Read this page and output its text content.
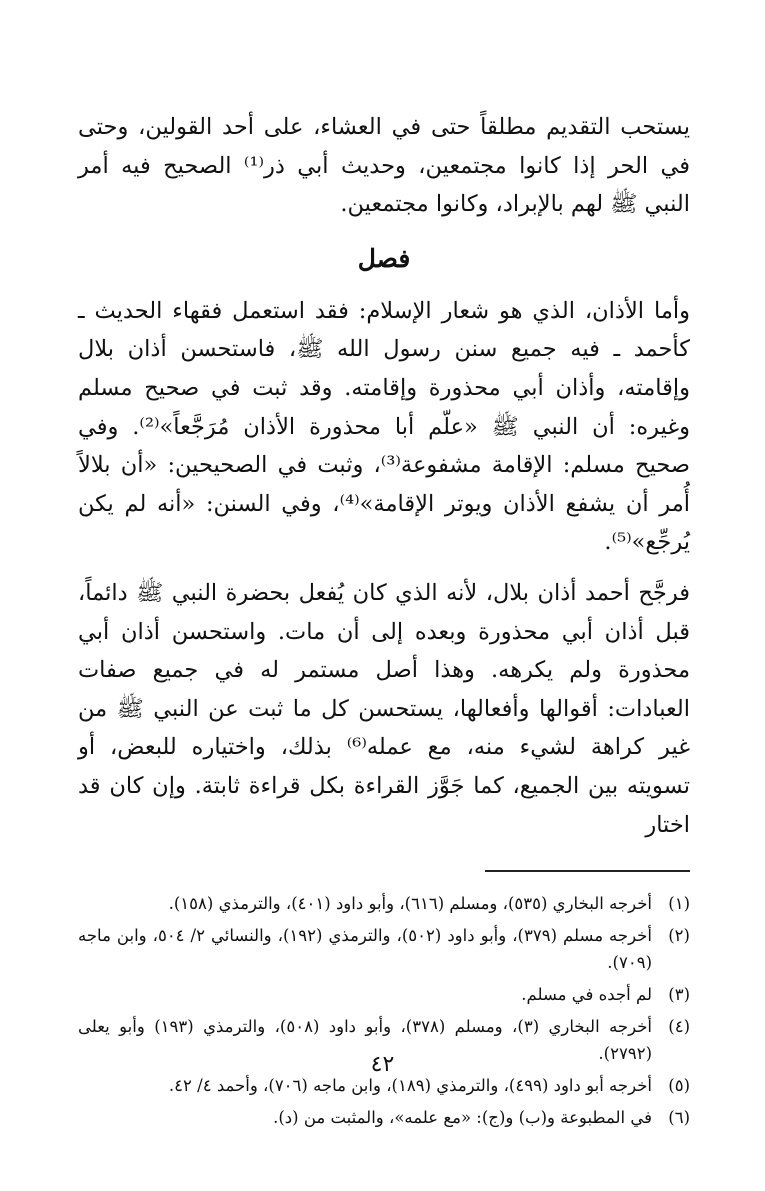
يستحب التقديم مطلقاً حتى في العشاء، على أحد القولين، وحتى في الحر إذا كانوا مجتمعين، وحديث أبي ذر⁽¹⁾ الصحيح فيه أمر النبي ﷺ لهم بالإبراد، وكانوا مجتمعين.

فصل

وأما الأذان، الذي هو شعار الإسلام: فقد استعمل فقهاء الحديث ـ كأحمد ـ فيه جميع سنن رسول الله ﷺ، فاستحسن أذان بلال وإقامته، وأذان أبي محذورة وإقامته. وقد ثبت في صحيح مسلم وغيره: أن النبي ﷺ «علّم أبا محذورة الأذان مُرَجَّعاً»⁽²⁾. وفي صحيح مسلم: الإقامة مشفوعة⁽³⁾، وثبت في الصحيحين: «أن بلالاً أُمر أن يشفع الأذان ويوتر الإقامة»⁽⁴⁾، وفي السنن: «أنه لم يكن يُرجِّع»⁽⁵⁾.

فرجَّح أحمد أذان بلال، لأنه الذي كان يُفعل بحضرة النبي ﷺ دائماً، قبل أذان أبي محذورة وبعده إلى أن مات. واستحسن أذان أبي محذورة ولم يكرهه. وهذا أصل مستمر له في جميع صفات العبادات: أقوالها وأفعالها، يستحسن كل ما ثبت عن النبي ﷺ من غير كراهة لشيء منه، مع عمله⁽⁶⁾ بذلك، واختياره للبعض، أو تسويته بين الجميع، كما جَوَّز القراءة بكل قراءة ثابتة. وإن كان قد اختار

(١)أخرجه البخاري (٥٣٥)، ومسلم (٦١٦)، وأبو داود (٤٠١)، والترمذي (١٥٨).

(٢)أخرجه مسلم (٣٧٩)، وأبو داود (٥٠٢)، والترمذي (١٩٢)، والنسائي ٢/ ٥٠٤، وابن ماجه (٧٠٩).

(٣)لم أجده في مسلم.

(٤)أخرجه البخاري (٣)، ومسلم (٣٧٨)، وأبو داود (٥٠٨)، والترمذي (١٩٣) وأبو يعلى (٢٧٩٢).

(٥)أخرجه أبو داود (٤٩٩)، والترمذي (١٨٩)، وابن ماجه (٧٠٦)، وأحمد ٤/ ٤٢.

(٦)في المطبوعة و(ب) و(ج): «مع علمه»، والمثبت من (د).

٤٢
